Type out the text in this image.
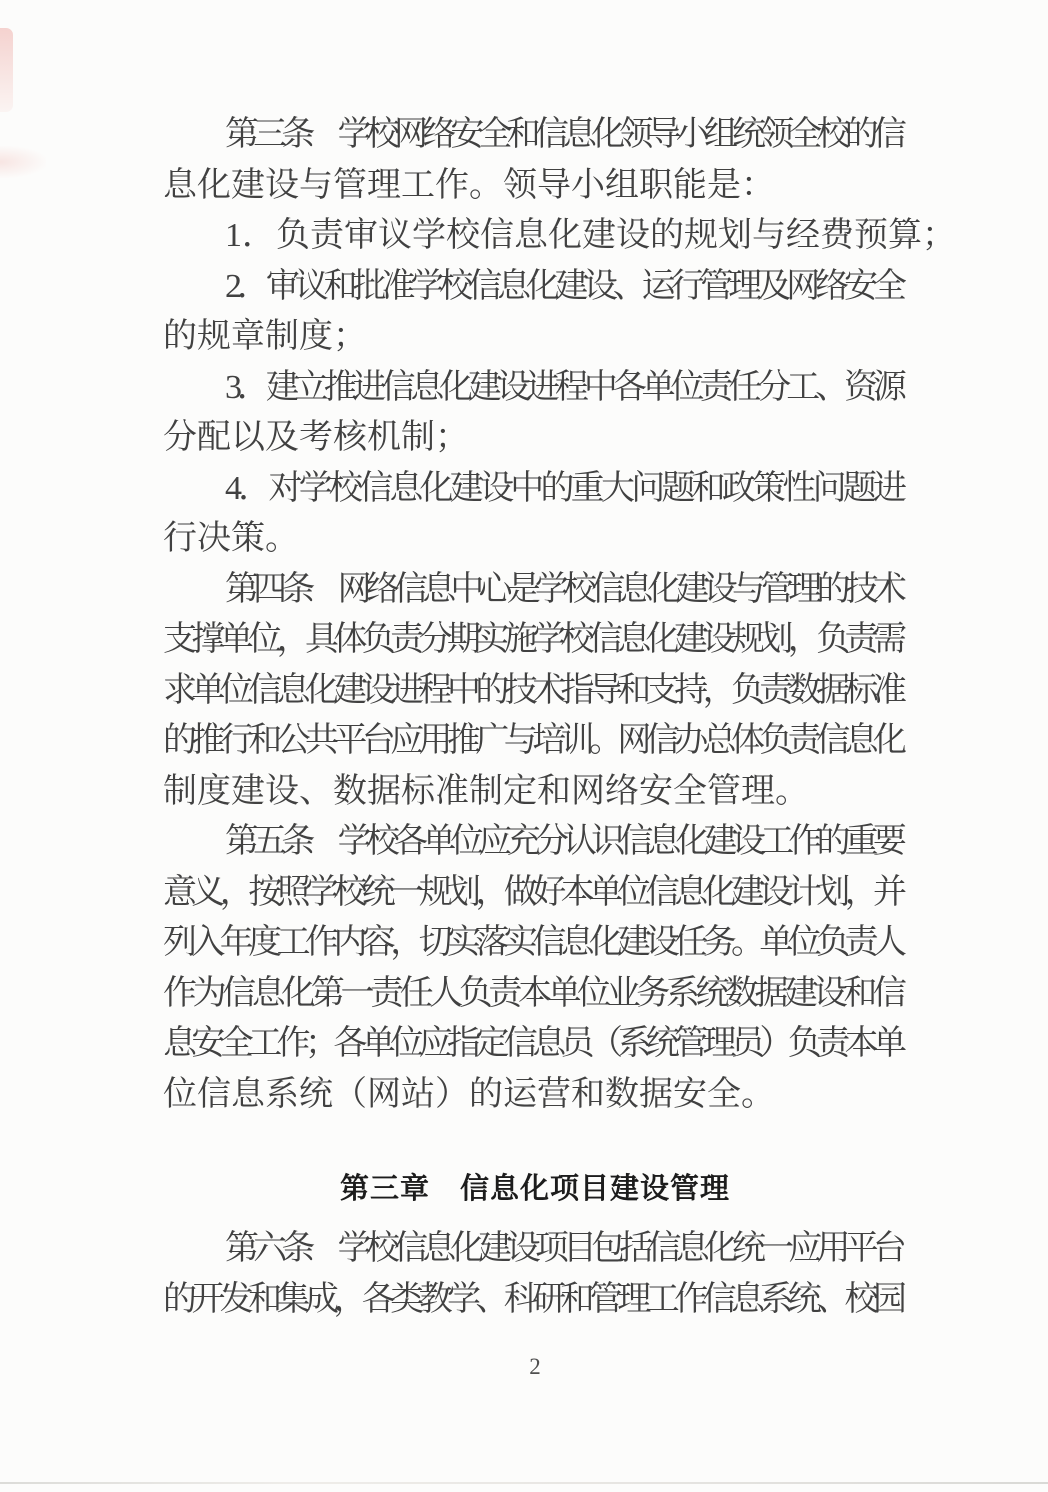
第三条　学校网络安全和信息化领导小组统领全校的信

息化建设与管理工作。领导小组职能是：

1．负责审议学校信息化建设的规划与经费预算；

2．审议和批准学校信息化建设、运行管理及网络安全

的规章制度；

3．建立推进信息化建设进程中各单位责任分工、资源

分配以及考核机制；

4．对学校信息化建设中的重大问题和政策性问题进

行决策。

第四条　网络信息中心是学校信息化建设与管理的技术

支撑单位，具体负责分期实施学校信息化建设规划，负责需

求单位信息化建设进程中的技术指导和支持，负责数据标准

的推行和公共平台应用推广与培训。网信办总体负责信息化

制度建设、数据标准制定和网络安全管理。

第五条　学校各单位应充分认识信息化建设工作的重要

意义，按照学校统一规划，做好本单位信息化建设计划，并

列入年度工作内容，切实落实信息化建设任务。单位负责人

作为信息化第一责任人负责本单位业务系统数据建设和信

息安全工作；各单位应指定信息员（系统管理员）负责本单

位信息系统（网站）的运营和数据安全。

第三章　信息化项目建设管理

第六条　学校信息化建设项目包括信息化统一应用平台

的开发和集成，各类教学、科研和管理工作信息系统、校园

2
